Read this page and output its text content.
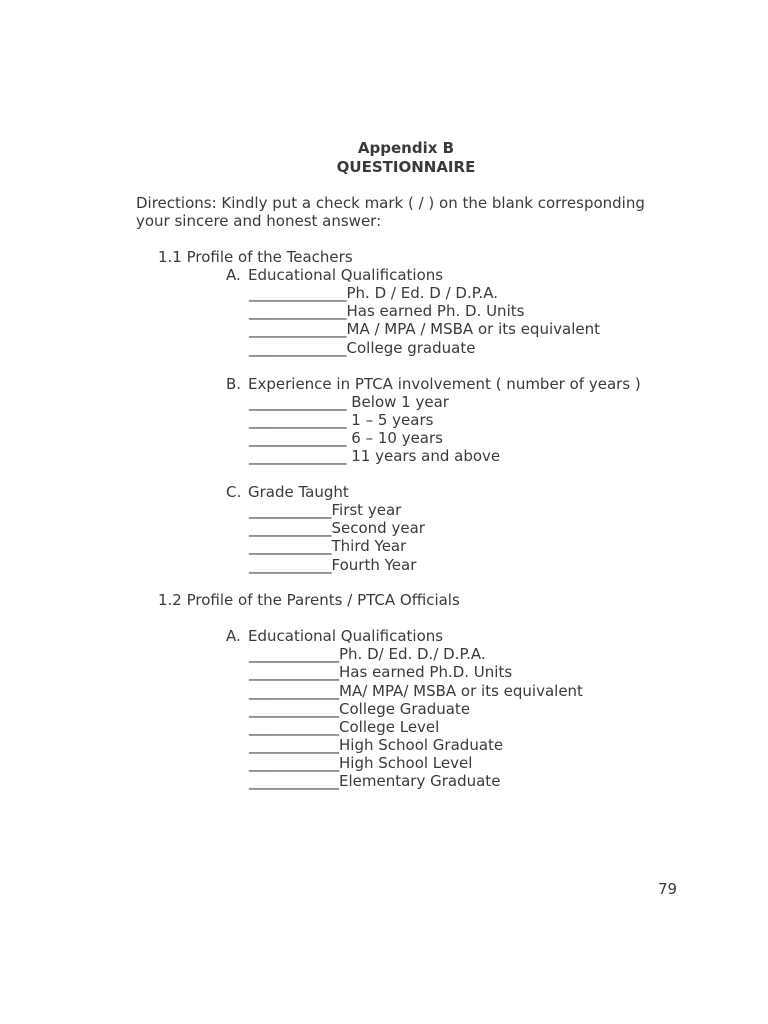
Appendix B
QUESTIONNAIRE
Directions: Kindly put a check mark ( / ) on the blank corresponding your sincere and honest answer:
1.1 Profile of the Teachers
A. Educational Qualifications
_____________Ph. D / Ed. D / D.P.A.
_____________Has earned Ph. D. Units
_____________MA / MPA / MSBA or its equivalent
_____________College graduate
B. Experience in PTCA involvement ( number of years )
_____________ Below 1 year
_____________ 1 – 5 years
_____________ 6 – 10 years
_____________ 11 years and above
C. Grade Taught
___________First year
___________Second year
___________Third Year
___________Fourth Year
1.2 Profile of the Parents / PTCA Officials
A. Educational Qualifications
____________Ph. D/ Ed. D./ D.P.A.
____________Has earned Ph.D. Units
____________MA/ MPA/ MSBA or its equivalent
____________College Graduate
____________College Level
____________High School Graduate
____________High School Level
____________Elementary Graduate
79
